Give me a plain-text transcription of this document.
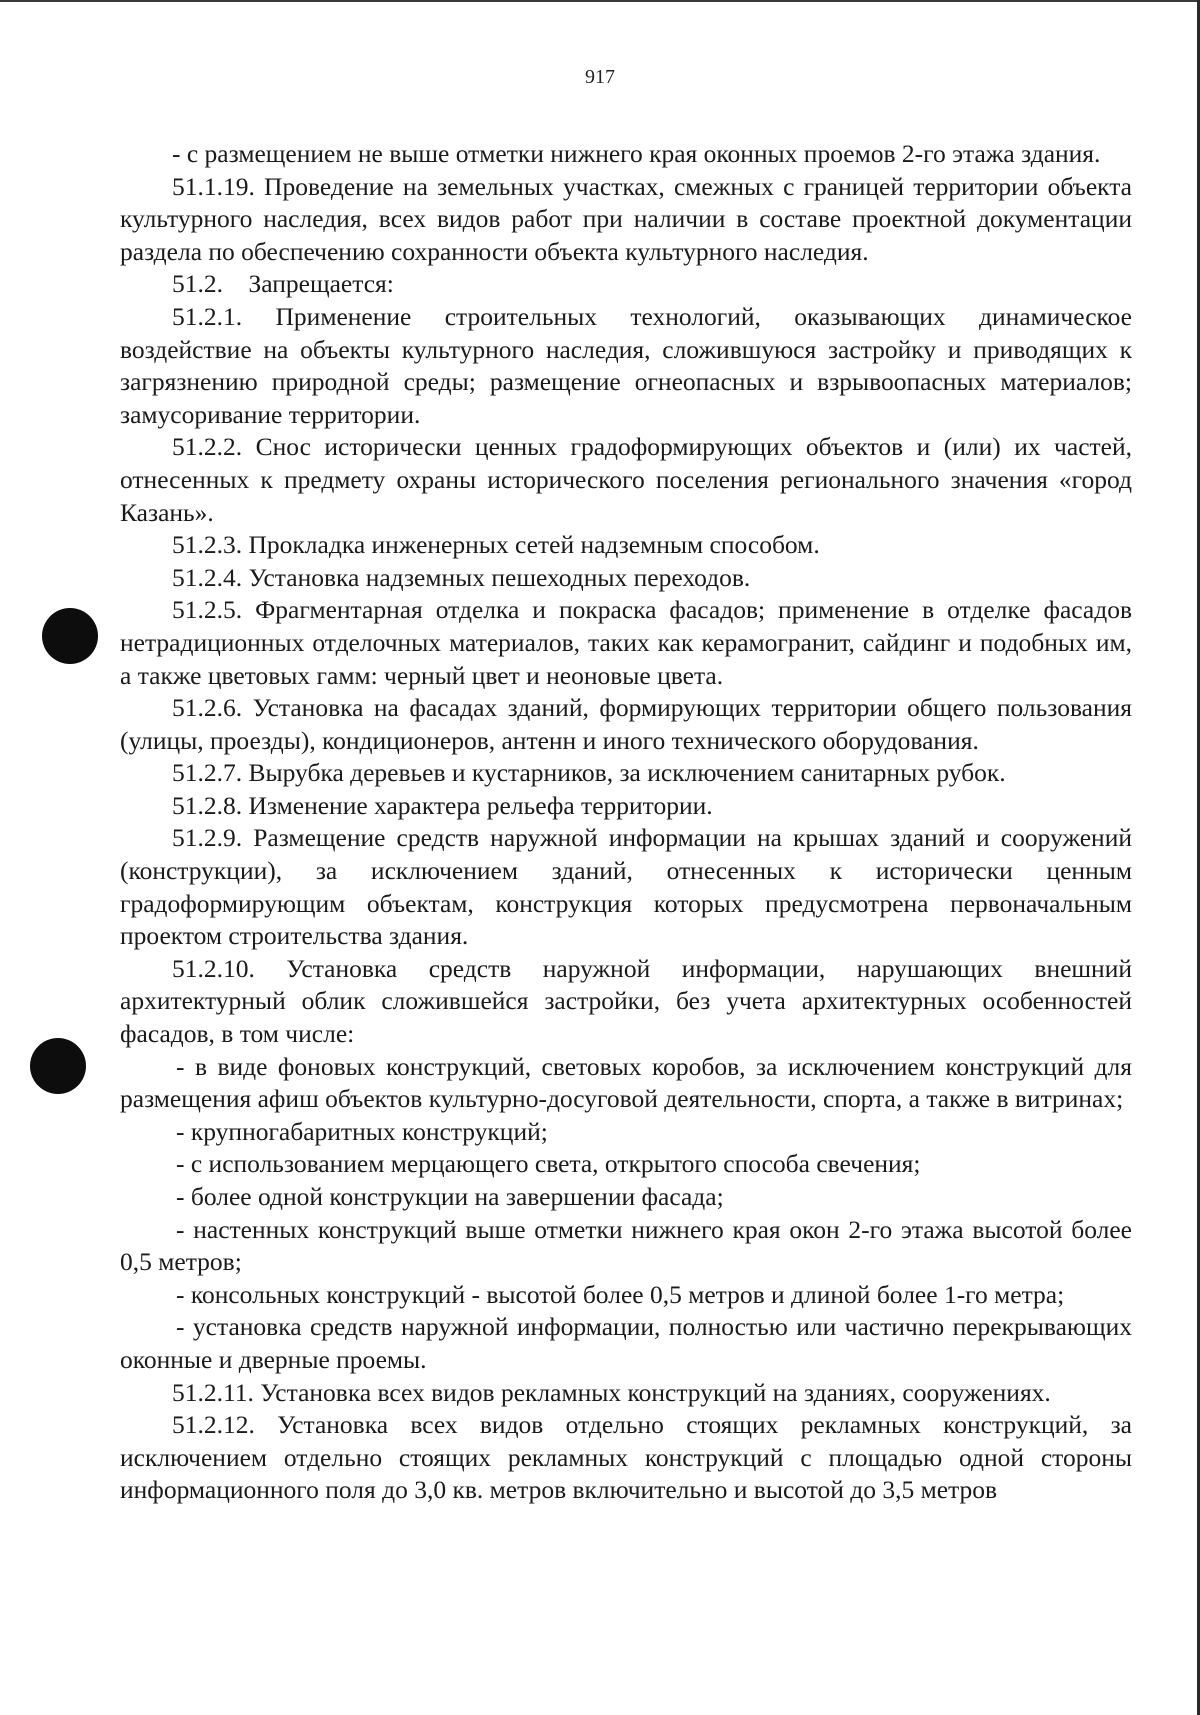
917

- с размещением не выше отметки нижнего края оконных проемов 2-го этажа здания.

51.1.19. Проведение на земельных участках, смежных с границей территории объекта культурного наследия, всех видов работ при наличии в составе проектной документации раздела по обеспечению сохранности объекта культурного наследия.

51.2.    Запрещается:

51.2.1. Применение строительных технологий, оказывающих динамическое воздействие на объекты культурного наследия, сложившуюся застройку и приводящих к загрязнению природной среды; размещение огнеопасных и взрывоопасных материалов; замусоривание территории.

51.2.2. Снос исторически ценных градоформирующих объектов и (или) их частей, отнесенных к предмету охраны исторического поселения регионального значения «город Казань».

51.2.3. Прокладка инженерных сетей надземным способом.

51.2.4. Установка надземных пешеходных переходов.

51.2.5. Фрагментарная отделка и покраска фасадов; применение в отделке фасадов нетрадиционных отделочных материалов, таких как керамогранит, сайдинг и подобных им, а также цветовых гамм: черный цвет и неоновые цвета.

51.2.6. Установка на фасадах зданий, формирующих территории общего пользования (улицы, проезды), кондиционеров, антенн и иного технического оборудования.

51.2.7. Вырубка деревьев и кустарников, за исключением санитарных рубок.

51.2.8. Изменение характера рельефа территории.

51.2.9. Размещение средств наружной информации на крышах зданий и сооружений (конструкции), за исключением зданий, отнесенных к исторически ценным градоформирующим объектам, конструкция которых предусмотрена первоначальным проектом строительства здания.

51.2.10. Установка средств наружной информации, нарушающих внешний архитектурный облик сложившейся застройки, без учета архитектурных особенностей фасадов, в том числе:

- в виде фоновых конструкций, световых коробов, за исключением конструкций для размещения афиш объектов культурно-досуговой деятельности, спорта, а также в витринах;

- крупногабаритных конструкций;

- с использованием мерцающего света, открытого способа свечения;

- более одной конструкции на завершении фасада;

- настенных конструкций выше отметки нижнего края окон 2-го этажа высотой более 0,5 метров;

- консольных конструкций - высотой более 0,5 метров и длиной более 1-го метра;

- установка средств наружной информации, полностью или частично перекрывающих оконные и дверные проемы.

51.2.11. Установка всех видов рекламных конструкций на зданиях, сооружениях.

51.2.12. Установка всех видов отдельно стоящих рекламных конструкций, за исключением отдельно стоящих рекламных конструкций с площадью одной стороны информационного поля до 3,0 кв. метров включительно и высотой до 3,5 метров
